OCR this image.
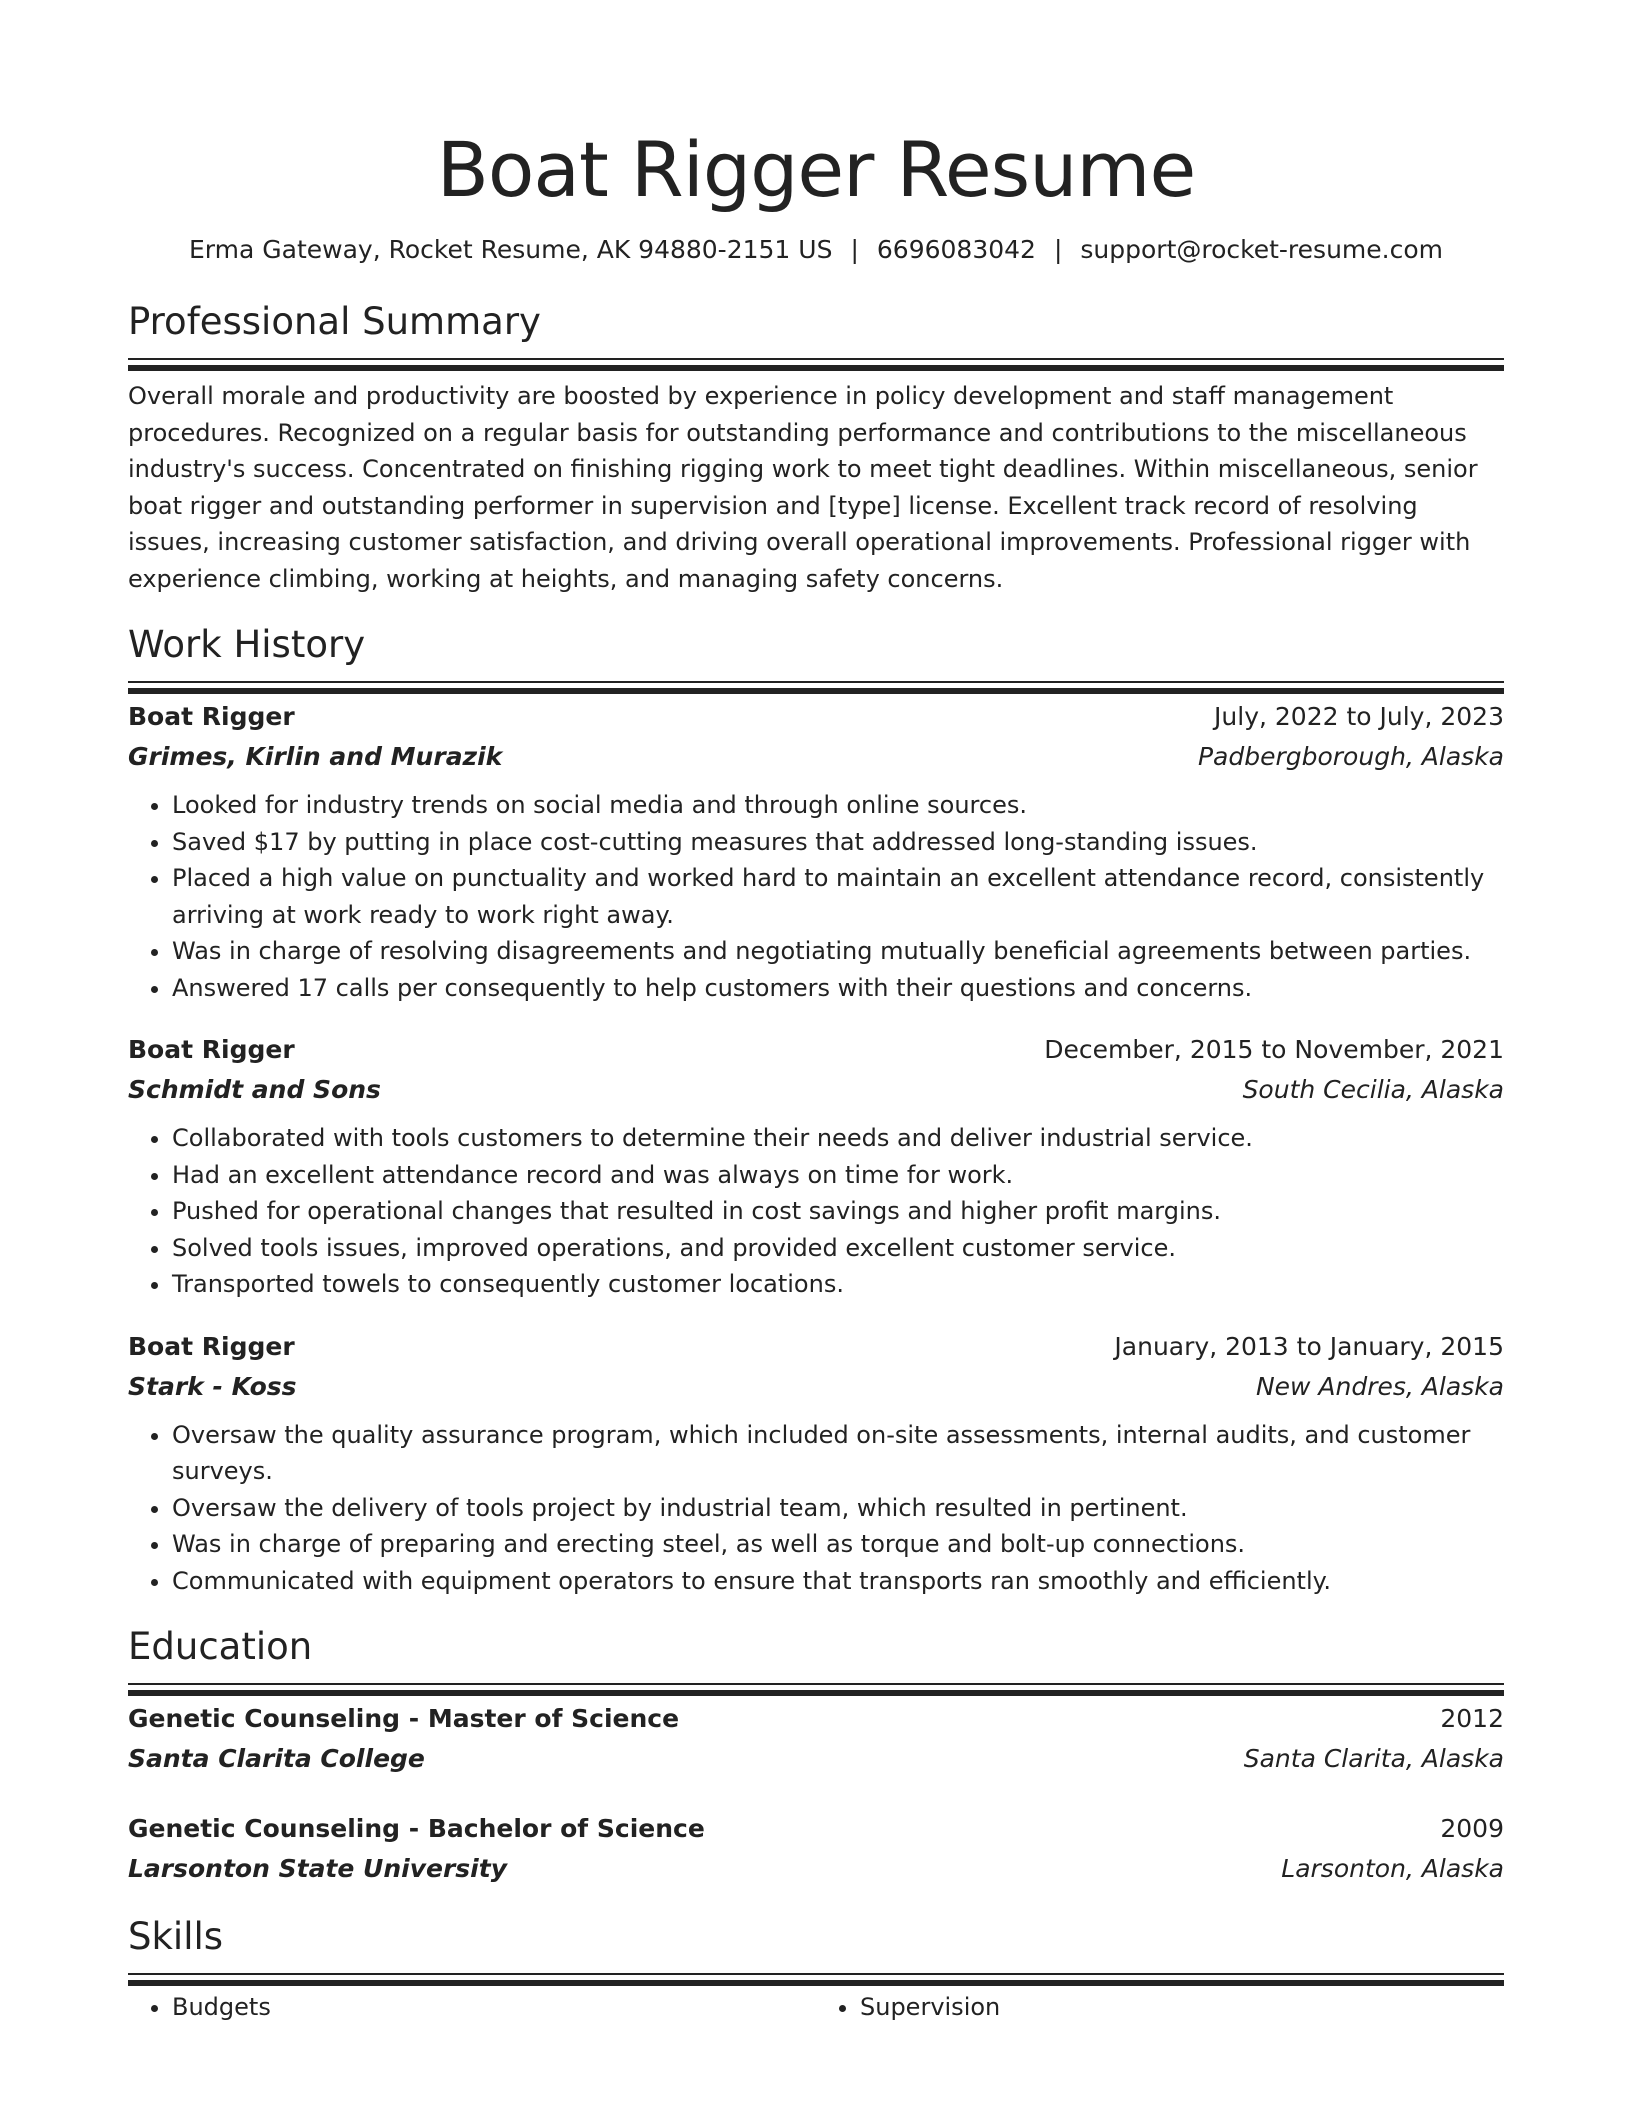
Boat Rigger Resume
Erma Gateway, Rocket Resume, AK 94880-2151 US | 6696083042 | support@rocket-resume.com
Professional Summary

Overall morale and productivity are boosted by experience in policy development and staff management procedures. Recognized on a regular basis for outstanding performance and contributions to the miscellaneous industry's success. Concentrated on finishing rigging work to meet tight deadlines. Within miscellaneous, senior boat rigger and outstanding performer in supervision and [type] license. Excellent track record of resolving issues, increasing customer satisfaction, and driving overall operational improvements. Professional rigger with experience climbing, working at heights, and managing safety concerns.

Work History
Boat Rigger	July, 2022 to July, 2023
Grimes, Kirlin and Murazik	Padbergborough, Alaska
• Looked for industry trends on social media and through online sources.
• Saved $17 by putting in place cost-cutting measures that addressed long-standing issues.
• Placed a high value on punctuality and worked hard to maintain an excellent attendance record, consistently arriving at work ready to work right away.
• Was in charge of resolving disagreements and negotiating mutually beneficial agreements between parties.
• Answered 17 calls per consequently to help customers with their questions and concerns.
Boat Rigger	December, 2015 to November, 2021
Schmidt and Sons	South Cecilia, Alaska
• Collaborated with tools customers to determine their needs and deliver industrial service.
• Had an excellent attendance record and was always on time for work.
• Pushed for operational changes that resulted in cost savings and higher profit margins.
• Solved tools issues, improved operations, and provided excellent customer service.
• Transported towels to consequently customer locations.
Boat Rigger	January, 2013 to January, 2015
Stark - Koss	New Andres, Alaska
• Oversaw the quality assurance program, which included on-site assessments, internal audits, and customer surveys.
• Oversaw the delivery of tools project by industrial team, which resulted in pertinent.
• Was in charge of preparing and erecting steel, as well as torque and bolt-up connections.
• Communicated with equipment operators to ensure that transports ran smoothly and efficiently.
Education
Genetic Counseling - Master of Science	2012
Santa Clarita College	Santa Clarita, Alaska
Genetic Counseling - Bachelor of Science	2009
Larsonton State University	Larsonton, Alaska
Skills
• Budgets
•	Supervision
